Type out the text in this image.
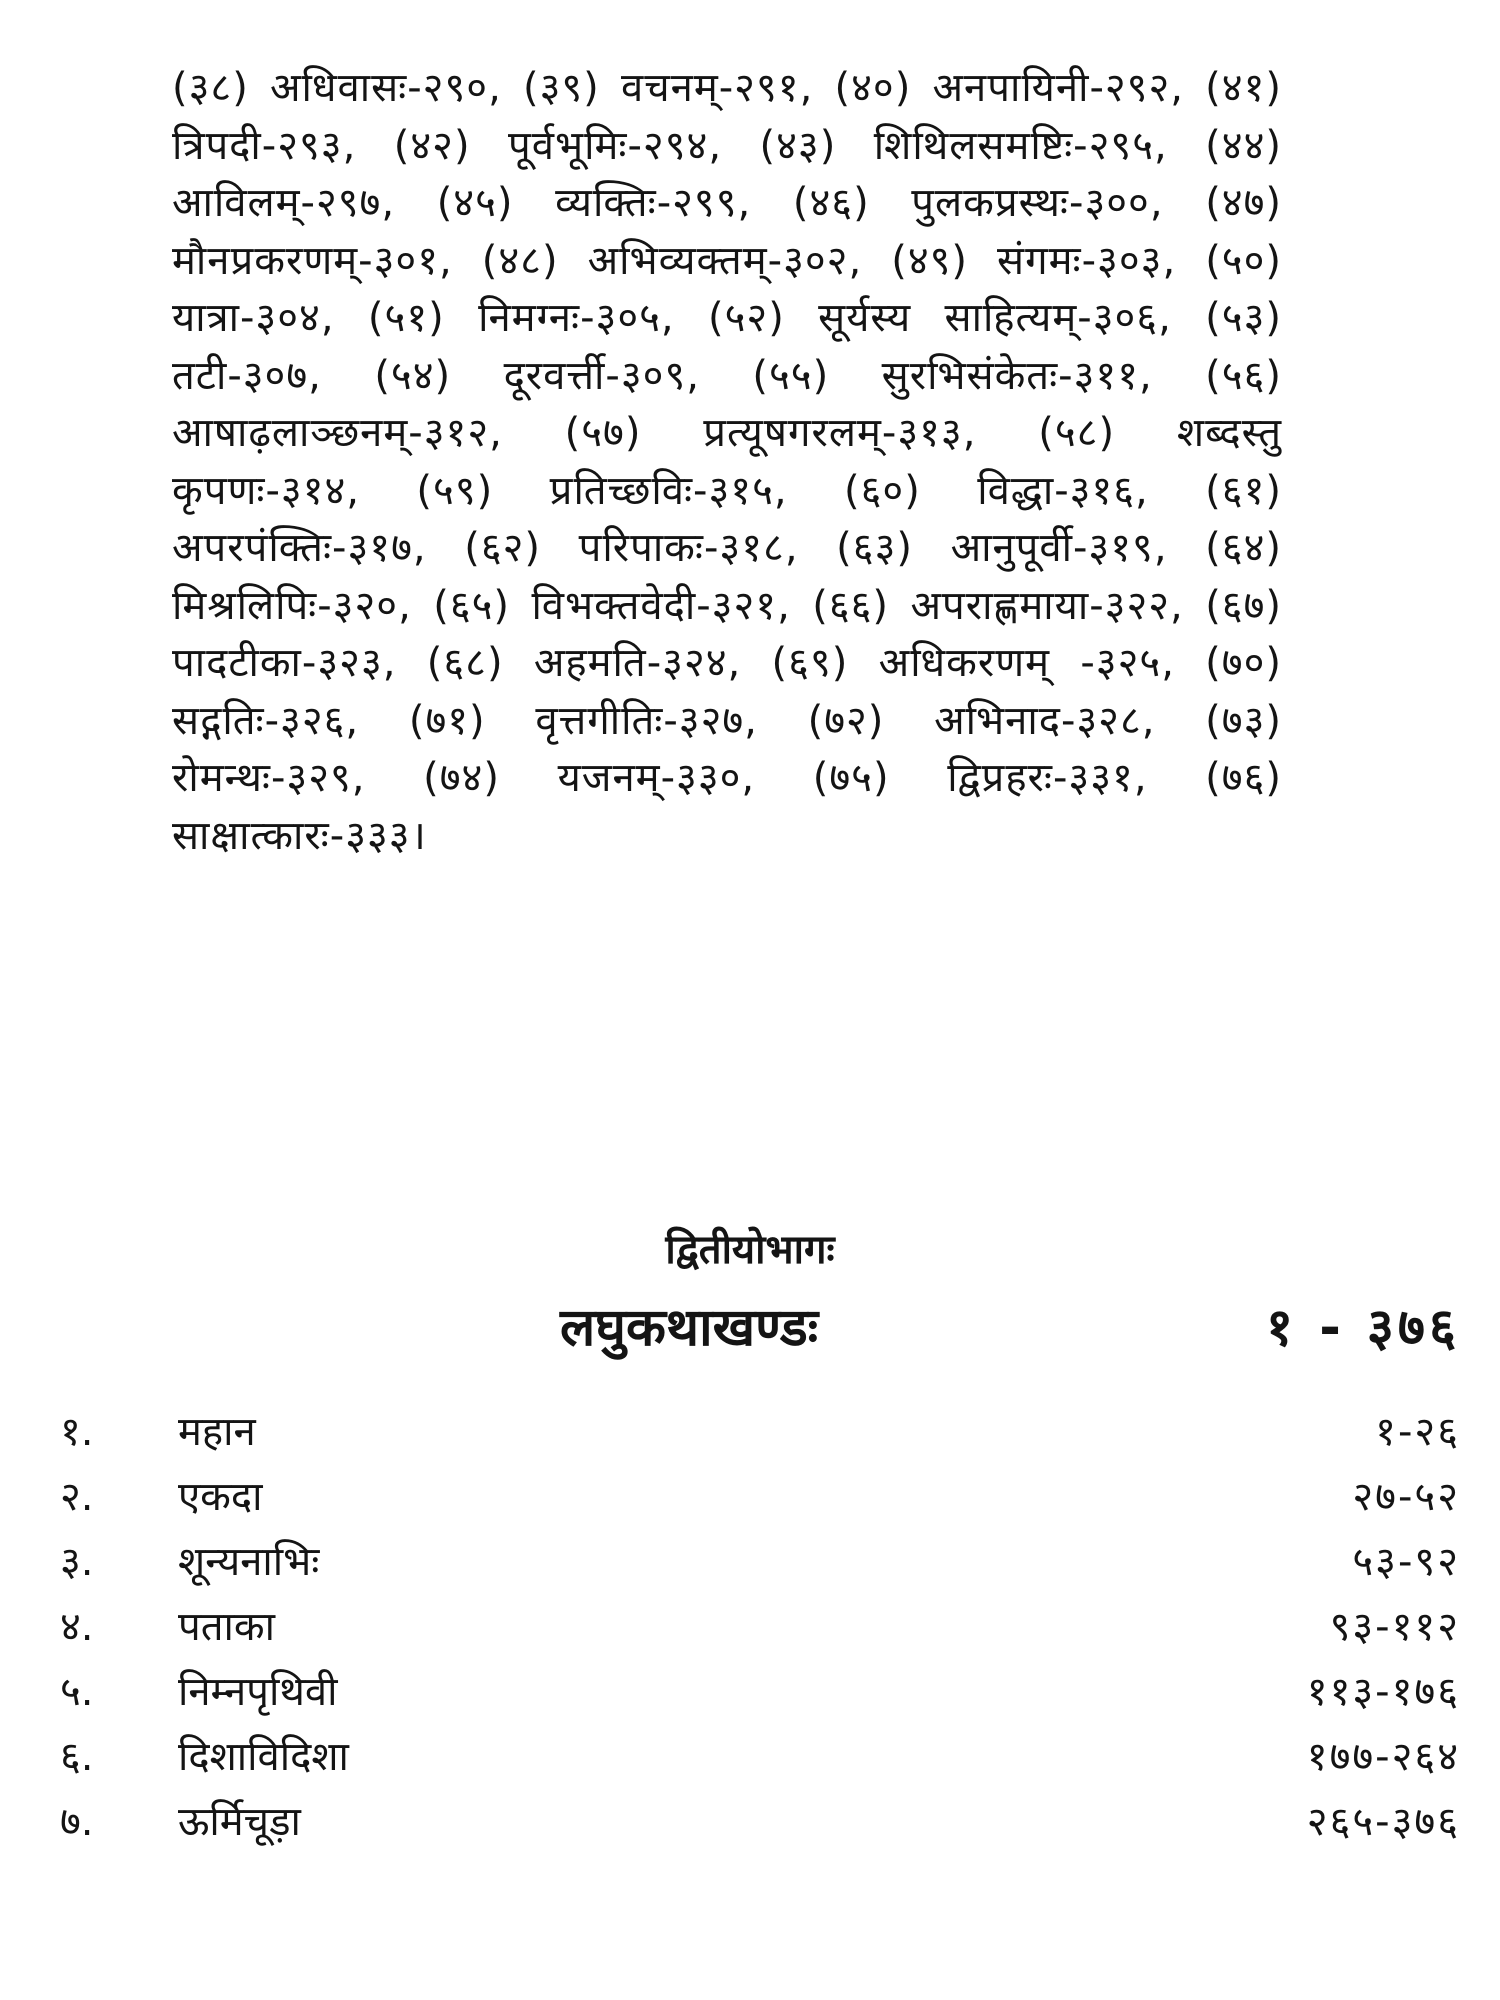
(३८) अधिवासः-२९०, (३९) वचनम्-२९१, (४०) अनपायिनी-२९२, (४१) त्रिपदी-२९३, (४२) पूर्वभूमिः-२९४, (४३) शिथिलसमष्टिः-२९५, (४४) आविलम्-२९७, (४५) व्यक्तिः-२९९, (४६) पुलकप्रस्थः-३००, (४७) मौनप्रकरणम्-३०१, (४८) अभिव्यक्तम्-३०२, (४९) संगमः-३०३, (५०) यात्रा-३०४, (५१) निमग्नः-३०५, (५२) सूर्यस्य साहित्यम्-३०६, (५३) तटी-३०७, (५४) दूरवर्त्ती-३०९, (५५) सुरभिसंकेतः-३११, (५६) आषाढ़लाञ्छनम्-३१२, (५७) प्रत्यूषगरलम्-३१३, (५८) शब्दस्तु कृपणः-३१४, (५९) प्रतिच्छविः-३१५, (६०) विद्धा-३१६, (६१) अपरपंक्तिः-३१७, (६२) परिपाकः-३१८, (६३) आनुपूर्वी-३१९, (६४) मिश्रलिपिः-३२०, (६५) विभक्तवेदी-३२१, (६६) अपराह्णमाया-३२२, (६७) पादटीका-३२३, (६८) अहमति-३२४, (६९) अधिकरणम् -३२५, (७०) सद्गतिः-३२६, (७१) वृत्तगीतिः-३२७, (७२) अभिनाद-३२८, (७३) रोमन्थः-३२९, (७४) यजनम्-३३०, (७५) द्विप्रहरः-३३१, (७६) साक्षात्कारः-३३३।

द्वितीयोभागः
लघुकथाखण्डः	१ - ३७६
१.	महान	१-२६
२.	एकदा	२७-५२
३.	शून्यनाभिः	५३-९२
४.	पताका	९३-११२
५.	निम्नपृथिवी	११३-१७६
६.	दिशाविदिशा	१७७-२६४
७.	ऊर्मिचूड़ा	२६५-३७६
